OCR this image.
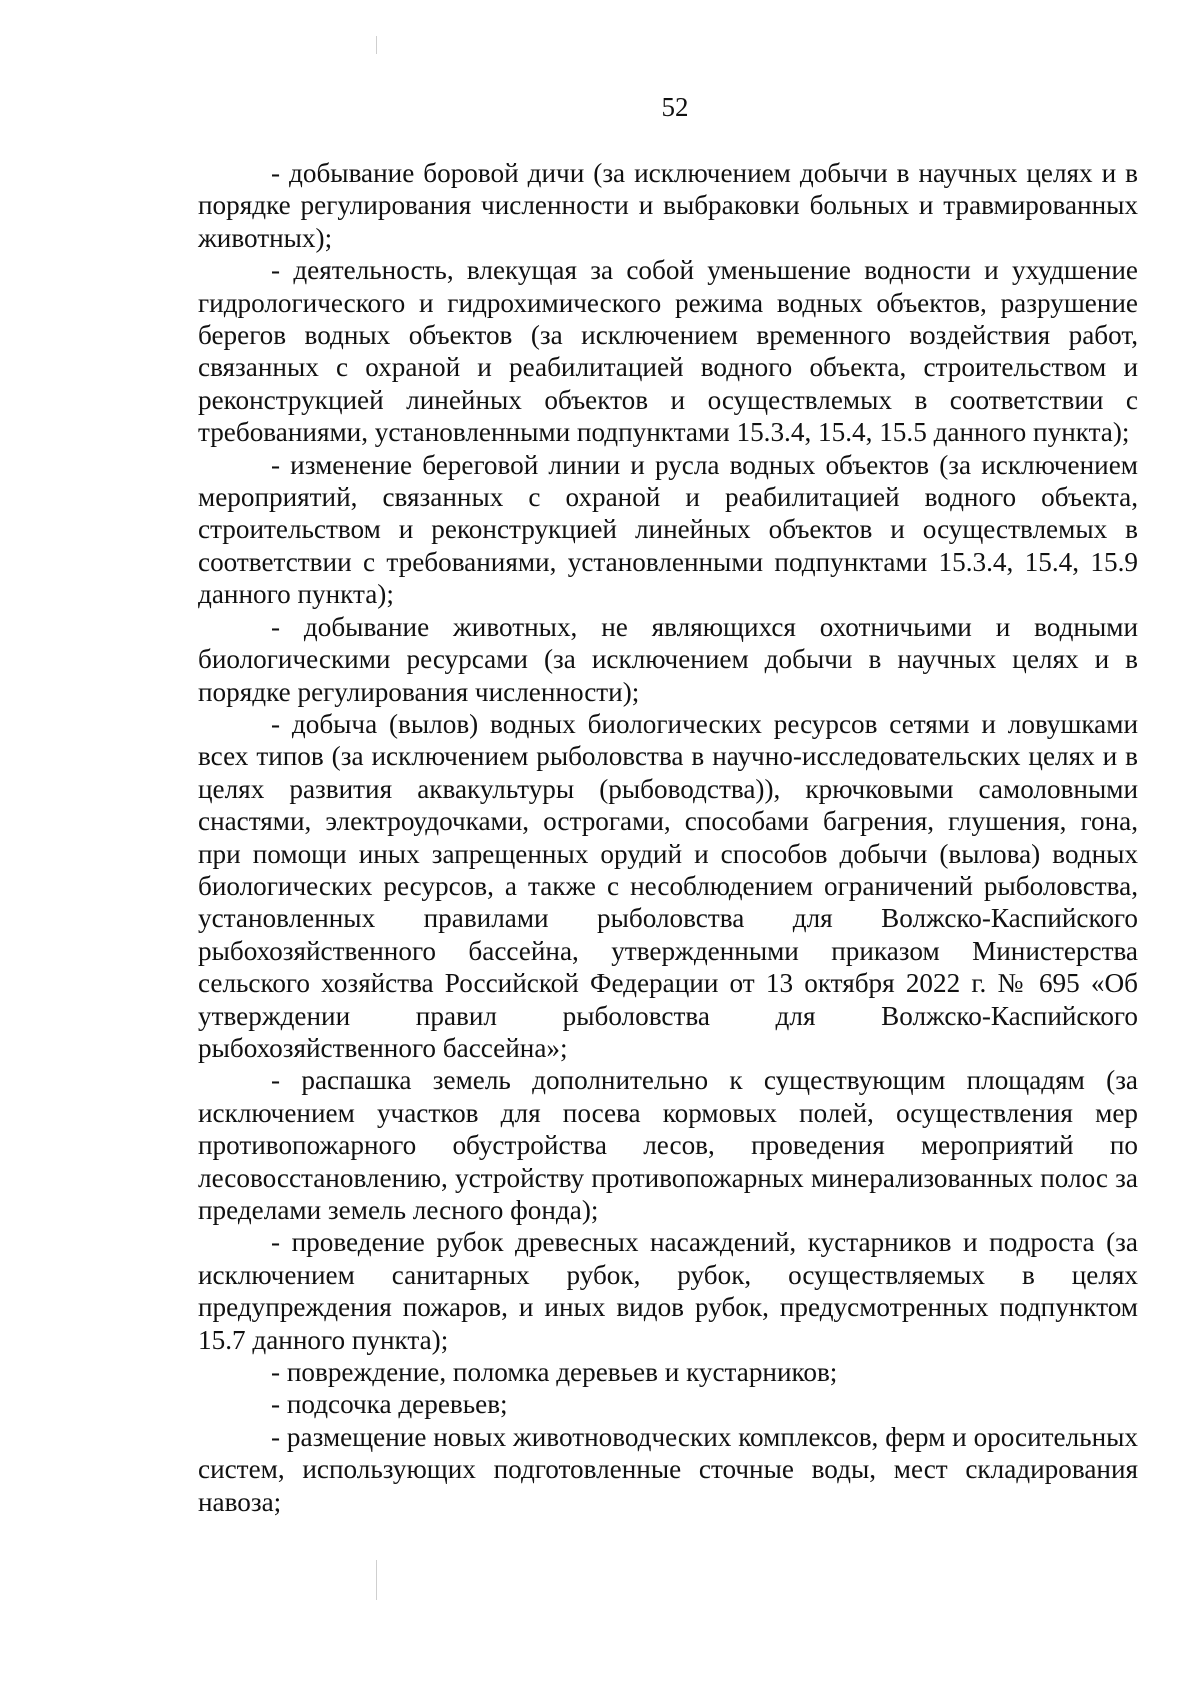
52

- добывание боровой дичи (за исключением добычи в научных целях и в порядке регулирования численности и выбраковки больных и травмированных животных);

- деятельность, влекущая за собой уменьшение водности и ухудшение гидрологического и гидрохимического режима водных объектов, разрушение берегов водных объектов (за исключением временного воздействия работ, связанных с охраной и реабилитацией водного объекта, строительством и реконструкцией линейных объектов и осуществлемых в соответствии с требованиями, установленными подпунктами 15.3.4, 15.4, 15.5 данного пункта);

- изменение береговой линии и русла водных объектов (за исключением мероприятий, связанных с охраной и реабилитацией водного объекта, строительством и реконструкцией линейных объектов и осуществлемых в соответствии с требованиями, установленными подпунктами 15.3.4, 15.4, 15.9 данного пункта);

- добывание животных, не являющихся охотничьими и водными биологическими ресурсами (за исключением добычи в научных целях и в порядке регулирования численности);

- добыча (вылов) водных биологических ресурсов сетями и ловушками всех типов (за исключением рыболовства в научно-исследовательских целях и в целях развития аквакультуры (рыбоводства)), крючковыми самоловными снастями, электроудочками, острогами, способами багрения, глушения, гона, при помощи иных запрещенных орудий и способов добычи (вылова) водных биологических ресурсов, а также с несоблюдением ограничений рыболовства, установленных правилами рыболовства для Волжско-Каспийского рыбохозяйственного бассейна, утвержденными приказом Министерства сельского хозяйства Российской Федерации от 13 октября 2022 г. № 695 «Об утверждении правил рыболовства для Волжско-Каспийского рыбохозяйственного бассейна»;

- распашка земель дополнительно к существующим площадям (за исключением участков для посева кормовых полей, осуществления мер противопожарного обустройства лесов, проведения мероприятий по лесовосстановлению, устройству противопожарных минерализованных полос за пределами земель лесного фонда);

- проведение рубок древесных насаждений, кустарников и подроста (за исключением санитарных рубок, рубок, осуществляемых в целях предупреждения пожаров, и иных видов рубок, предусмотренных подпунктом 15.7 данного пункта);

- повреждение, поломка деревьев и кустарников;

- подсочка деревьев;

- размещение новых животноводческих комплексов, ферм и оросительных систем, использующих подготовленные сточные воды, мест складирования навоза;
